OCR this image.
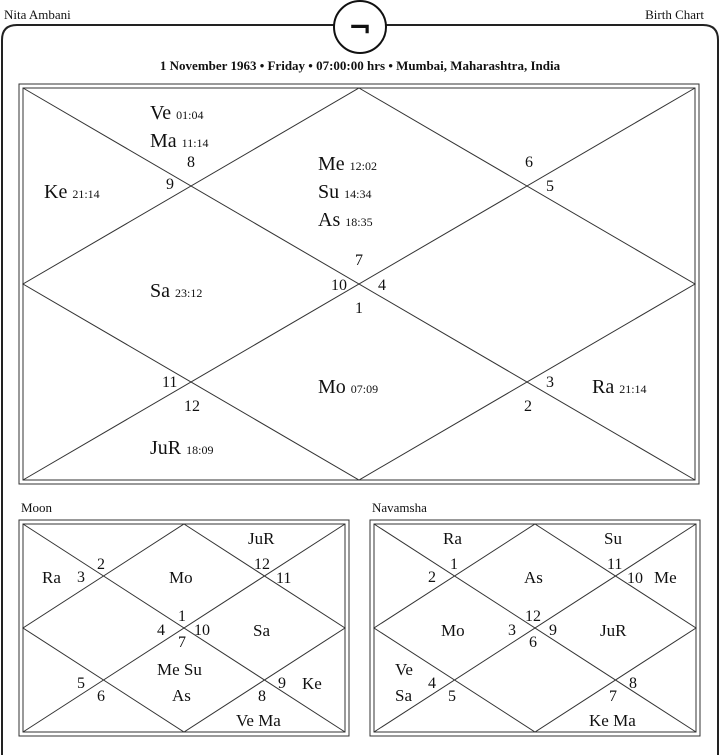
Nita Ambani	Birth Chart
¬
1 November 1963 • Friday • 07:00:00 hrs • Mumbai, Maharashtra, India
Ve 01:04
Ma 11:14
Ke 21:14
Me 12:02
Su 14:34
As 18:35
Sa 23:12
Mo 07:09	Ra 21:14
JuR 18:09
8
9
6
5
7
10 4
1
11
12
3
2
Moon
JuR
Ra	Mo
Sa
Me Su
As
Ke
Ve Ma
2
3
12
11
1
4 10
7
5
6
9
8
Navamsha
Ra	Su
As	Me
Mo	JuR
Ve
Sa
Ke Ma
1
2
11
10
12
3 9
6
4
5
8
7
